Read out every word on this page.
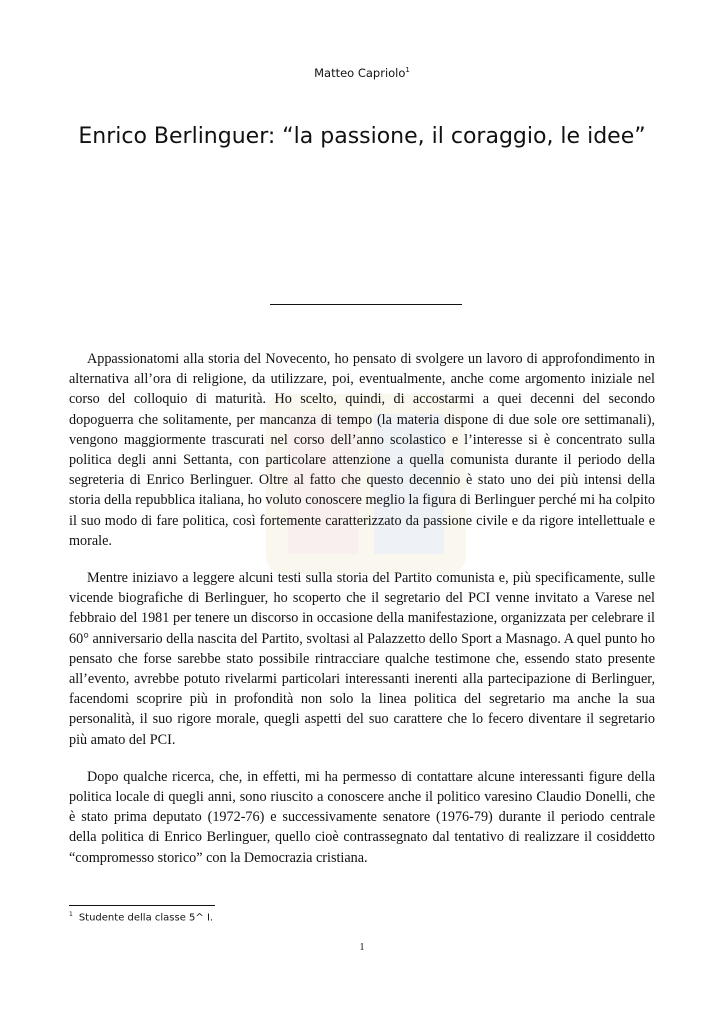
Matteo Capriolo$^1$
Enrico Berlinguer: “la passione, il coraggio, le idee”

Appassionatomi alla storia del Novecento, ho pensato di svolgere un lavoro di approfondimento in alternativa all’ora di religione, da utilizzare, poi, eventualmente, anche come argomento iniziale nel corso del colloquio di maturità. Ho scelto, quindi, di accostarmi a quei decenni del secondo dopoguerra che solitamente, per mancanza di tempo (la materia dispone di due sole ore settimanali), vengono maggiormente trascurati nel corso dell’anno scolastico e l’interesse si è concentrato sulla politica degli anni Settanta, con particolare attenzione a quella comunista durante il periodo della segreteria di Enrico Berlinguer. Oltre al fatto che questo decennio è stato uno dei più intensi della storia della repubblica italiana, ho voluto conoscere meglio la figura di Berlinguer perché mi ha colpito il suo modo di fare politica, così fortemente caratterizzato da passione civile e da rigore intellettuale e morale.

Mentre iniziavo a leggere alcuni testi sulla storia del Partito comunista e, più specificamente, sulle vicende biografiche di Berlinguer, ho scoperto che il segretario del PCI venne invitato a Varese nel febbraio del 1981 per tenere un discorso in occasione della manifestazione, organizzata per celebrare il 60° anniversario della nascita del Partito, svoltasi al Palazzetto dello Sport a Masnago. A quel punto ho pensato che forse sarebbe stato possibile rintracciare qualche testimone che, essendo stato presente all’evento, avrebbe potuto rivelarmi particolari interessanti inerenti alla partecipazione di Berlinguer, facendomi scoprire più in profondità non solo la linea politica del segretario ma anche la sua personalità, il suo rigore morale, quegli aspetti del suo carattere che lo fecero diventare il segretario più amato del PCI.

Dopo qualche ricerca, che, in effetti, mi ha permesso di contattare alcune interessanti figure della politica locale di quegli anni, sono riuscito a conoscere anche il politico varesino Claudio Donelli, che è stato prima deputato (1972-76) e successivamente senatore (1976-79) durante il periodo centrale della politica di Enrico Berlinguer, quello cioè contrassegnato dal tentativo di realizzare il cosiddetto “compromesso storico” con la Democrazia cristiana.

$^1$ Studente della classe 5^ I.
1
